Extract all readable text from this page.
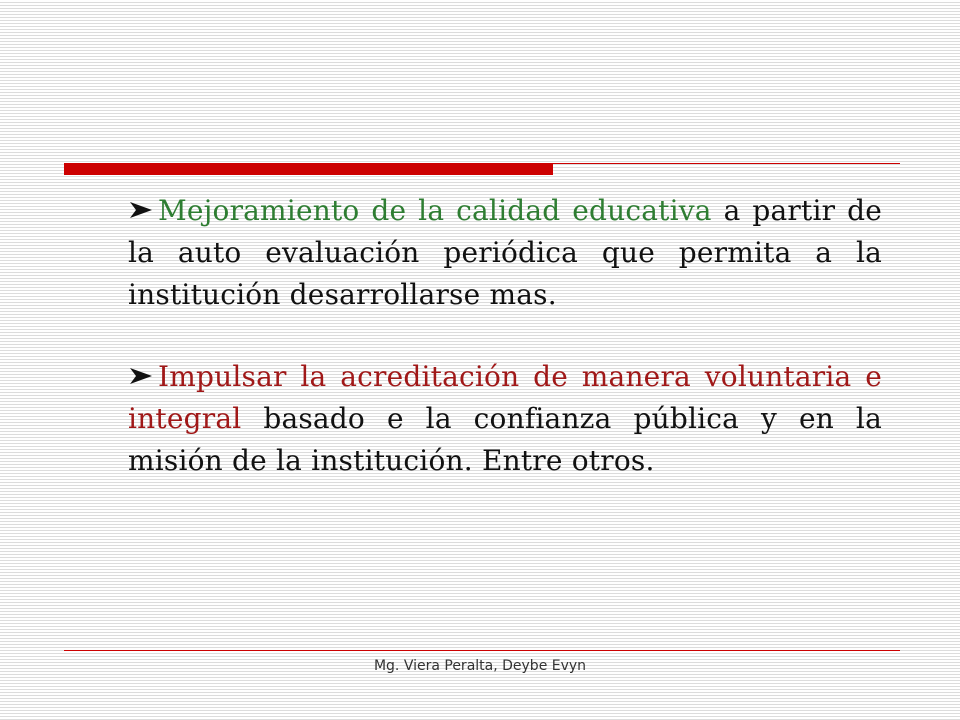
Mejoramiento de la calidad educativa a partir de la auto evaluación periódica que permita a la institución desarrollarse mas.

Impulsar la acreditación de manera voluntaria e integral basado e la confianza pública y en la misión de la institución. Entre otros.

Mg. Viera Peralta, Deybe Evyn
